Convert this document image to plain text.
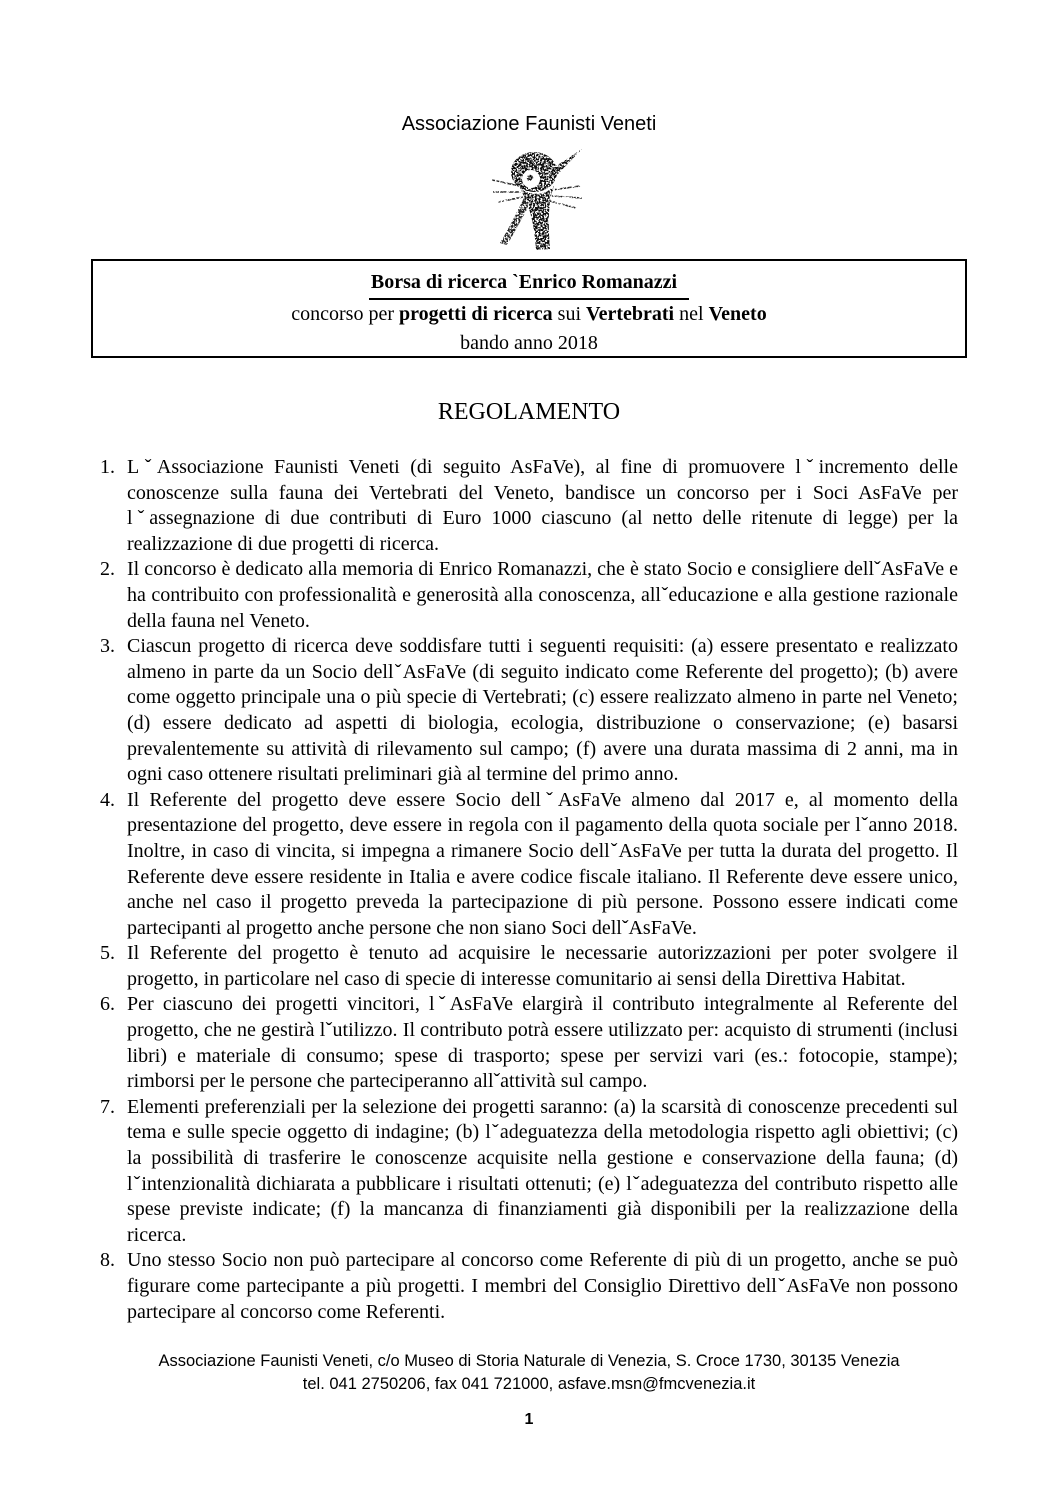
Associazione Faunisti Veneti
Borsa di ricerca `Enrico Romanazzi
concorso per progetti di ricerca sui Vertebrati nel Veneto
bando anno 2018
REGOLAMENTO
1. LˇAssociazione Faunisti Veneti (di seguito AsFaVe), al fine di promuovere lˇincremento delle conoscenze sulla fauna dei Vertebrati del Veneto, bandisce un concorso per i Soci AsFaVe per lˇassegnazione di due contributi di Euro 1000 ciascuno (al netto delle ritenute di legge) per la realizzazione di due progetti di ricerca.
2. Il concorso è dedicato alla memoria di Enrico Romanazzi, che è stato Socio e consigliere dellˇAsFaVe e ha contribuito con professionalità e generosità alla conoscenza, allˇeducazione e alla gestione razionale della fauna nel Veneto.
3. Ciascun progetto di ricerca deve soddisfare tutti i seguenti requisiti: (a) essere presentato e realizzato almeno in parte da un Socio dellˇAsFaVe (di seguito indicato come Referente del progetto); (b) avere come oggetto principale una o più specie di Vertebrati; (c) essere realizzato almeno in parte nel Veneto; (d) essere dedicato ad aspetti di biologia, ecologia, distribuzione o conservazione; (e) basarsi prevalentemente su attività di rilevamento sul campo; (f) avere una durata massima di 2 anni, ma in ogni caso ottenere risultati preliminari già al termine del primo anno.
4. Il Referente del progetto deve essere Socio dellˇAsFaVe almeno dal 2017 e, al momento della presentazione del progetto, deve essere in regola con il pagamento della quota sociale per lˇanno 2018. Inoltre, in caso di vincita, si impegna a rimanere Socio dellˇAsFaVe per tutta la durata del progetto. Il Referente deve essere residente in Italia e avere codice fiscale italiano. Il Referente deve essere unico, anche nel caso il progetto preveda la partecipazione di più persone. Possono essere indicati come partecipanti al progetto anche persone che non siano Soci dellˇAsFaVe.
5. Il Referente del progetto è tenuto ad acquisire le necessarie autorizzazioni per poter svolgere il progetto, in particolare nel caso di specie di interesse comunitario ai sensi della Direttiva Habitat.
6. Per ciascuno dei progetti vincitori, lˇAsFaVe elargirà il contributo integralmente al Referente del progetto, che ne gestirà lˇutilizzo. Il contributo potrà essere utilizzato per: acquisto di strumenti (inclusi libri) e materiale di consumo; spese di trasporto; spese per servizi vari (es.: fotocopie, stampe); rimborsi per le persone che parteciperanno allˇattività sul campo.
7. Elementi preferenziali per la selezione dei progetti saranno: (a) la scarsità di conoscenze precedenti sul tema e sulle specie oggetto di indagine; (b) lˇadeguatezza della metodologia rispetto agli obiettivi; (c) la possibilità di trasferire le conoscenze acquisite nella gestione e conservazione della fauna; (d) lˇintenzionalità dichiarata a pubblicare i risultati ottenuti; (e) lˇadeguatezza del contributo rispetto alle spese previste indicate; (f) la mancanza di finanziamenti già disponibili per la realizzazione della ricerca.
8. Uno stesso Socio non può partecipare al concorso come Referente di più di un progetto, anche se può figurare come partecipante a più progetti. I membri del Consiglio Direttivo dellˇAsFaVe non possono partecipare al concorso come Referenti.
Associazione Faunisti Veneti, c/o Museo di Storia Naturale di Venezia, S. Croce 1730, 30135 Venezia
tel. 041 2750206, fax 041 721000, asfave.msn@fmcvenezia.it
1
